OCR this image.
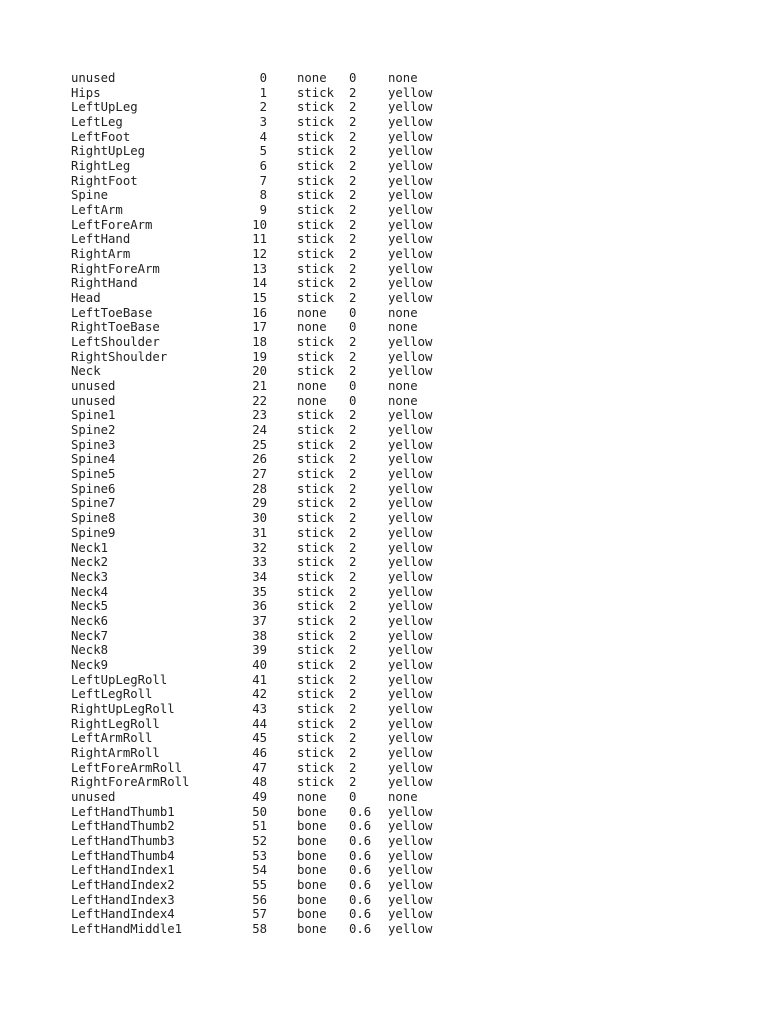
unused	0 none 0	none
Hips	1 stick 2	yellow
LeftUpLeg	2 stick 2	yellow
LeftLeg	3 stick 2	yellow
LeftFoot	4 stick 2	yellow
RightUpLeg	5 stick 2	yellow
RightLeg	6 stick 2	yellow
RightFoot	7 stick 2	yellow
Spine	8 stick 2	yellow
LeftArm	9 stick 2	yellow
LeftForeArm	10 stick 2	yellow
LeftHand	11 stick 2	yellow
RightArm	12 stick 2	yellow
RightForeArm	13 stick 2	yellow
RightHand	14 stick 2	yellow
Head	15 stick 2	yellow
LeftToeBase	16 none 0	none
RightToeBase	17 none 0	none
LeftShoulder	18 stick 2	yellow
RightShoulder	19 stick 2	yellow
Neck	20 stick 2	yellow
unused	21 none 0	none
unused	22 none 0	none
Spine1	23 stick 2	yellow
Spine2	24 stick 2	yellow
Spine3	25 stick 2	yellow
Spine4	26 stick 2	yellow
Spine5	27 stick 2	yellow
Spine6	28 stick 2	yellow
Spine7	29 stick 2	yellow
Spine8	30 stick 2	yellow
Spine9	31 stick 2	yellow
Neck1	32 stick 2	yellow
Neck2	33 stick 2	yellow
Neck3	34 stick 2	yellow
Neck4	35 stick 2	yellow
Neck5	36 stick 2	yellow
Neck6	37 stick 2	yellow
Neck7	38 stick 2	yellow
Neck8	39 stick 2	yellow
Neck9	40 stick 2	yellow
LeftUpLegRoll	41 stick 2	yellow
LeftLegRoll	42 stick 2	yellow
RightUpLegRoll	43 stick 2	yellow
RightLegRoll	44 stick 2	yellow
LeftArmRoll	45 stick 2	yellow
RightArmRoll	46 stick 2	yellow
LeftForeArmRoll	47 stick 2	yellow
RightForeArmRoll	48 stick 2	yellow
unused	49 none 0	none
LeftHandThumb1	50 bone 0.6 yellow
LeftHandThumb2	51 bone 0.6 yellow
LeftHandThumb3	52 bone 0.6 yellow
LeftHandThumb4	53 bone 0.6 yellow
LeftHandIndex1	54 bone 0.6 yellow
LeftHandIndex2	55 bone 0.6 yellow
LeftHandIndex3	56 bone 0.6 yellow
LeftHandIndex4	57 bone 0.6 yellow
LeftHandMiddle1	58 bone 0.6 yellow
